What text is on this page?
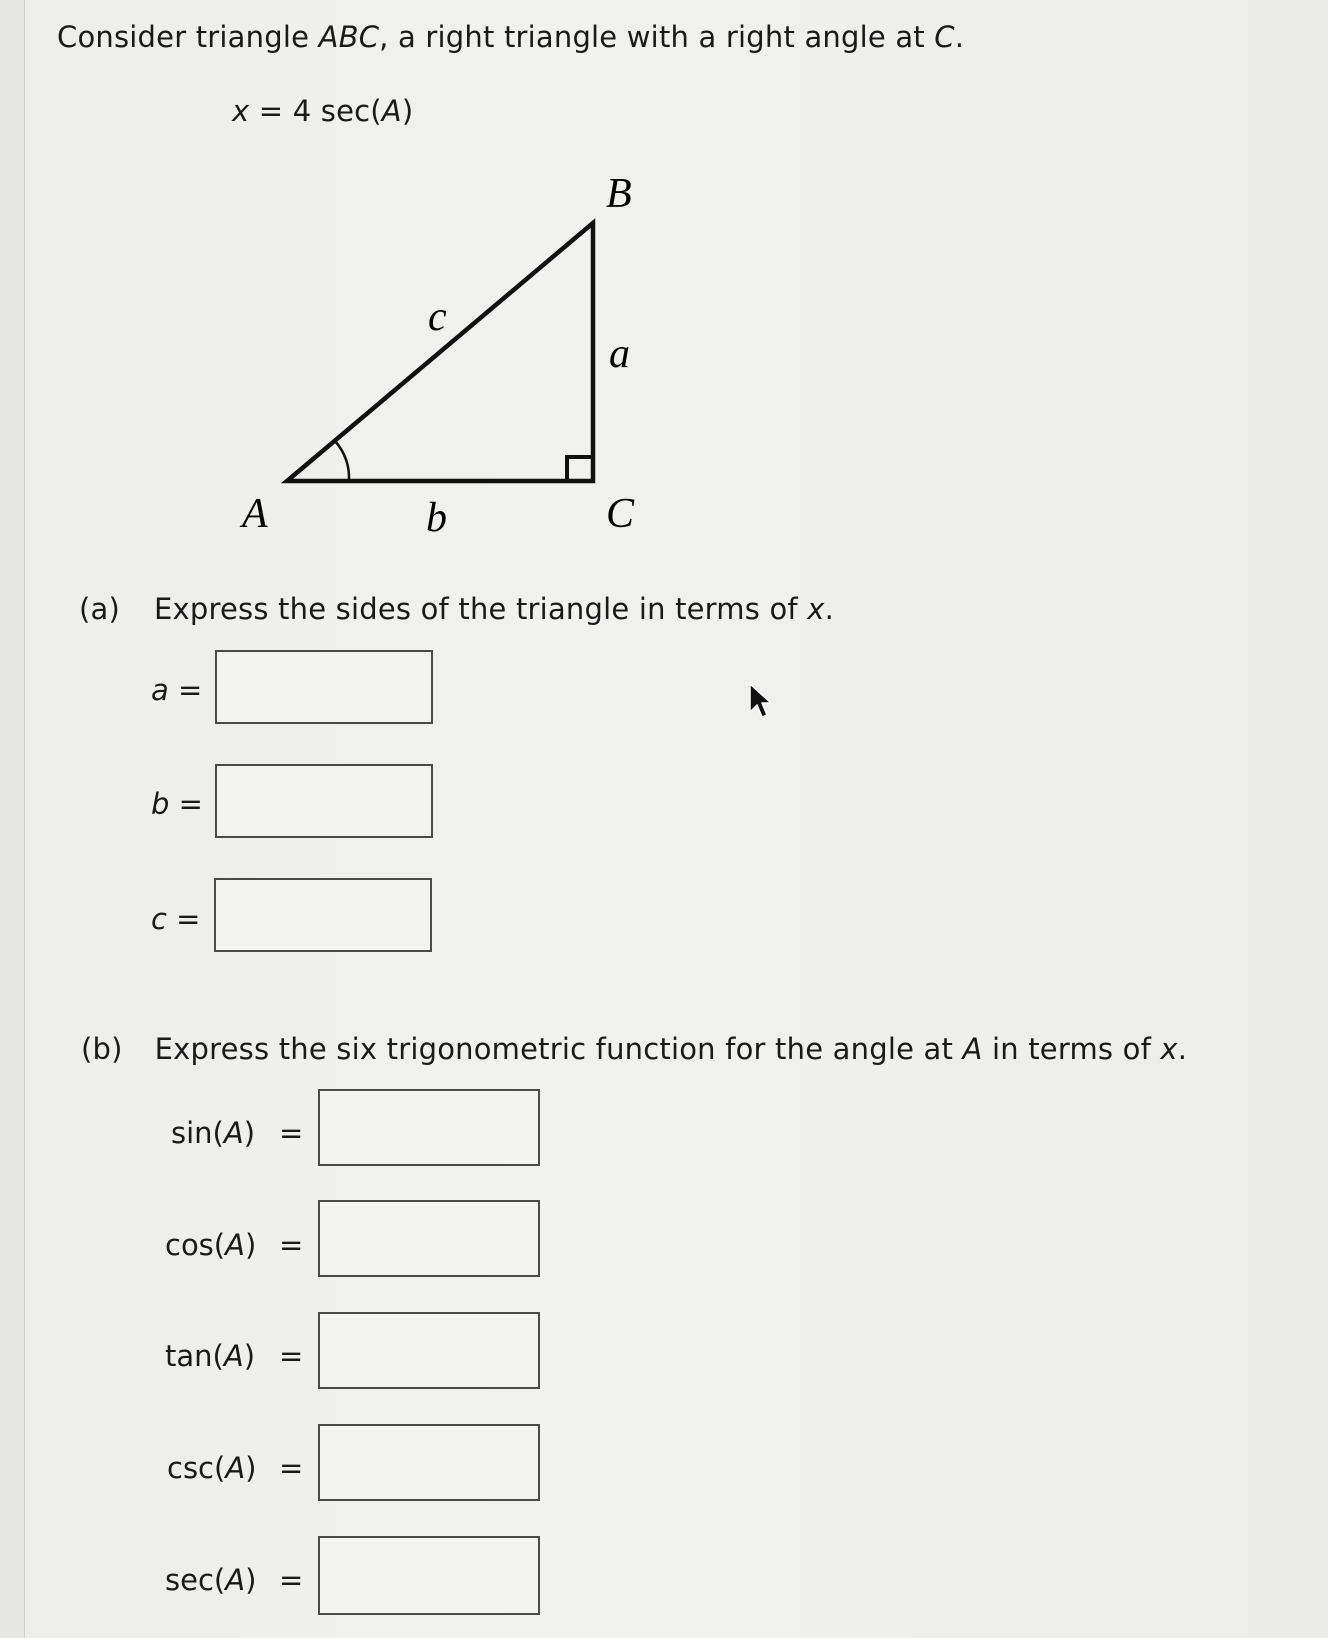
Consider triangle ABC, a right triangle with a right angle at C.
x = 4 sec(A)
B
c
a
A	b	C
(a) Express the sides of the triangle in terms of x.
a =
b =
c =
(b) Express the six trigonometric function for the angle at A in terms of x.
sin(A) =
cos(A) =
tan(A) =
csc(A) =
sec(A) =
